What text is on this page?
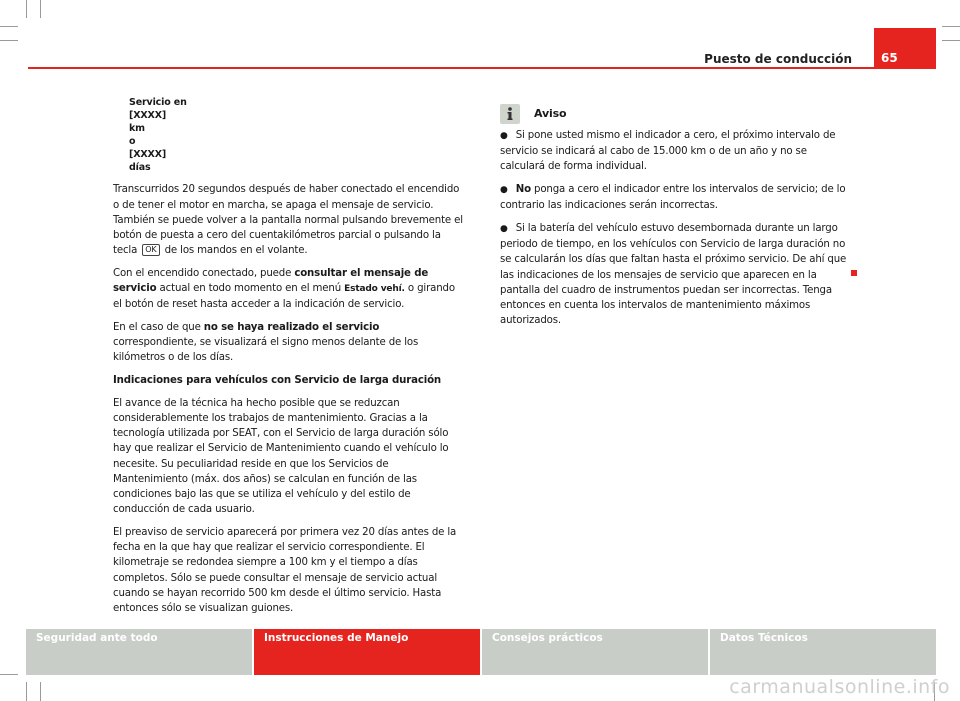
Puesto de conducción	65
Servicio en
[XXXX]
km
o
[XXXX]
días

Transcurridos 20 segundos después de haber conectado el encendido o de tener el motor en marcha, se apaga el mensaje de servicio. También se puede volver a la pantalla normal pulsando brevemente el botón de puesta a cero del cuentakilómetros parcial o pulsando la tecla OK de los mandos en el volante.

Con el encendido conectado, puede consultar el mensaje de servicio actual en todo momento en el menú Estado vehí. o girando el botón de reset hasta acceder a la indicación de servicio.

En el caso de que no se haya realizado el servicio correspondiente, se visualizará el signo menos delante de los kilómetros o de los días.

Indicaciones para vehículos con Servicio de larga duración

El avance de la técnica ha hecho posible que se reduzcan considerablemente los trabajos de mantenimiento. Gracias a la tecnología utilizada por SEAT, con el Servicio de larga duración sólo hay que realizar el Servicio de Mantenimiento cuando el vehículo lo necesite. Su peculiaridad reside en que los Servicios de Mantenimiento (máx. dos años) se calculan en función de las condiciones bajo las que se utiliza el vehículo y del estilo de conducción de cada usuario.

El preaviso de servicio aparecerá por primera vez 20 días antes de la fecha en la que hay que realizar el servicio correspondiente. El kilometraje se redondea siempre a 100 km y el tiempo a días completos. Sólo se puede consultar el mensaje de servicio actual cuando se hayan recorrido 500 km desde el último servicio. Hasta entonces sólo se visualizan guiones.

Aviso

● Si pone usted mismo el indicador a cero, el próximo intervalo de servicio se indicará al cabo de 15.000 km o de un año y no se calculará de forma individual.

● No ponga a cero el indicador entre los intervalos de servicio; de lo contrario las indicaciones serán incorrectas.

● Si la batería del vehículo estuvo desembornada durante un largo periodo de tiempo, en los vehículos con Servicio de larga duración no se calcularán los días que faltan hasta el próximo servicio. De ahí que las indicaciones de los mensajes de servicio que aparecen en la pantalla del cuadro de instrumentos puedan ser incorrectas. Tenga entonces en cuenta los intervalos de mantenimiento máximos autorizados.

Seguridad ante todo	Instrucciones de Manejo	Consejos prácticos	Datos Técnicos
carmanualsonline.info
